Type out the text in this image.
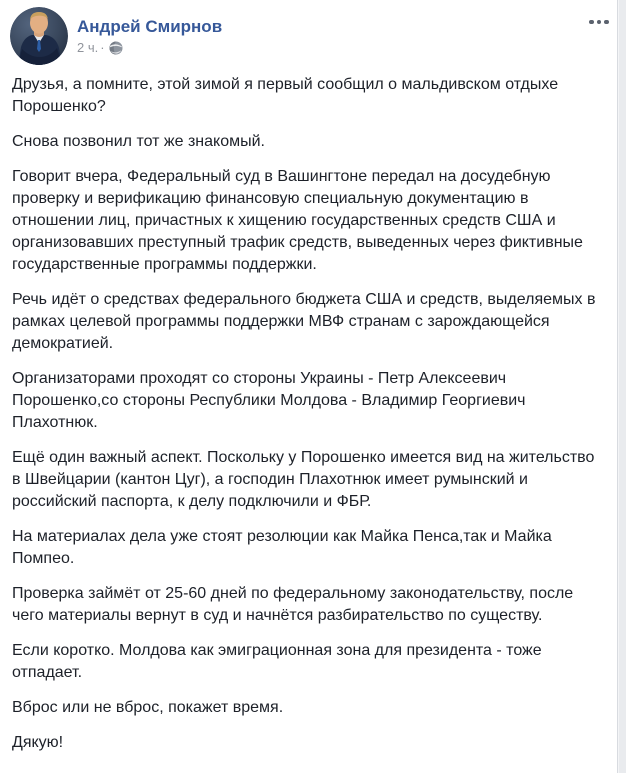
Андрей Смирнов
2 ч. ·

Друзья, а помните, этой зимой я первый сообщил о мальдивском отдыхе Порошенко?

Снова позвонил тот же знакомый.

Говорит вчера, Федеральный суд в Вашингтоне передал на досудебную проверку и верификацию финансовую специальную документацию в отношении лиц, причастных к хищению государственных средств США и организовавших преступный трафик средств, выведенных через фиктивные государственные программы поддержки.

Речь идёт о средствах федерального бюджета США и средств, выделяемых в рамках целевой программы поддержки МВФ странам с зарождающейся демократией.

Организаторами проходят со стороны Украины - Петр Алексеевич Порошенко,со стороны Республики Молдова - Владимир Георгиевич Плахотнюк.

Ещё один важный аспект. Поскольку у Порошенко имеется вид на жительство в Швейцарии (кантон Цуг), а господин Плахотнюк имеет румынский и российский паспорта, к делу подключили и ФБР.

На материалах дела уже стоят резолюции как Майка Пенса,так и Майка Помпео.

Проверка займёт от 25-60 дней по федеральному законодательству, после чего материалы вернут в суд и начнётся разбирательство по существу.

Если коротко. Молдова как эмиграционная зона для президента - тоже отпадает.

Вброс или не вброс, покажет время.

Дякую!
